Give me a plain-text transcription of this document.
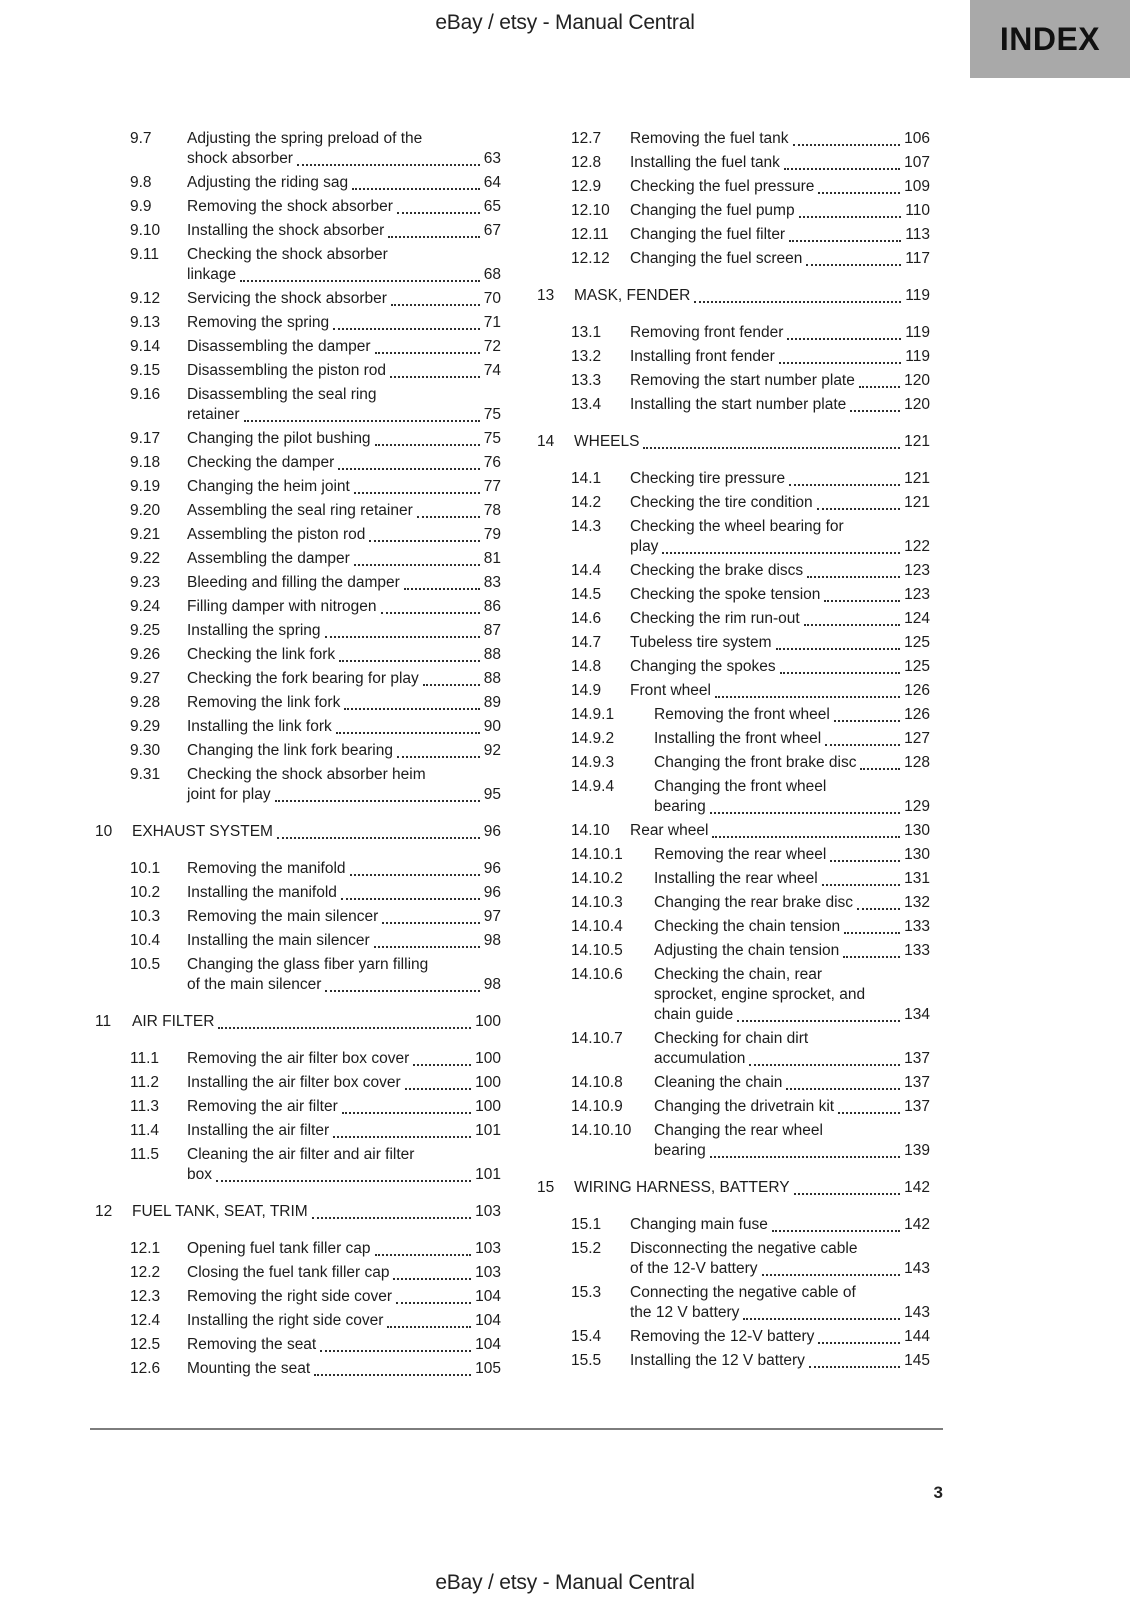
eBay / etsy - Manual Central	INDEX
9.7	Adjusting the spring preload of the
shock absorber	63
9.8	Adjusting the riding sag	64
9.9	Removing the shock absorber	65
9.10	Installing the shock absorber	67
9.11	Checking the shock absorber
linkage	68
9.12	Servicing the shock absorber	70
9.13	Removing the spring	71
9.14	Disassembling the damper	72
9.15	Disassembling the piston rod	74
9.16	Disassembling the seal ring
retainer	75
9.17	Changing the pilot bushing	75
9.18	Checking the damper	76
9.19	Changing the heim joint	77
9.20	Assembling the seal ring retainer	78
9.21	Assembling the piston rod	79
9.22	Assembling the damper	81
9.23	Bleeding and filling the damper	83
9.24	Filling damper with nitrogen	86
9.25	Installing the spring	87
9.26	Checking the link fork	88
9.27	Checking the fork bearing for play	88
9.28	Removing the link fork	89
9.29	Installing the link fork	90
9.30	Changing the link fork bearing	92
9.31	Checking the shock absorber heim
joint for play	95
10	EXHAUST SYSTEM	96
10.1	Removing the manifold	96
10.2	Installing the manifold	96
10.3	Removing the main silencer	97
10.4	Installing the main silencer	98
10.5	Changing the glass fiber yarn filling
of the main silencer	98
11	AIR FILTER	100
11.1	Removing the air filter box cover	100
11.2	Installing the air filter box cover	100
11.3	Removing the air filter	100
11.4	Installing the air filter	101
11.5	Cleaning the air filter and air filter
box	101
12	FUEL TANK, SEAT, TRIM	103
12.1	Opening fuel tank filler cap	103
12.2	Closing the fuel tank filler cap	103
12.3	Removing the right side cover	104
12.4	Installing the right side cover	104
12.5	Removing the seat	104
12.6	Mounting the seat	105
12.7	Removing the fuel tank	106
12.8	Installing the fuel tank	107
12.9	Checking the fuel pressure	109
12.10	Changing the fuel pump	110
12.11	Changing the fuel filter	113
12.12	Changing the fuel screen	117
13	MASK, FENDER	119
13.1	Removing front fender	119
13.2	Installing front fender	119
13.3	Removing the start number plate	120
13.4	Installing the start number plate	120
14	WHEELS	121
14.1	Checking tire pressure	121
14.2	Checking the tire condition	121
14.3	Checking the wheel bearing for
play	122
14.4	Checking the brake discs	123
14.5	Checking the spoke tension	123
14.6	Checking the rim run-out	124
14.7	Tubeless tire system	125
14.8	Changing the spokes	125
14.9	Front wheel	126
14.9.1	Removing the front wheel	126
14.9.2	Installing the front wheel	127
14.9.3	Changing the front brake disc	128
14.9.4	Changing the front wheel
bearing	129
14.10	Rear wheel	130
14.10.1	Removing the rear wheel	130
14.10.2	Installing the rear wheel	131
14.10.3	Changing the rear brake disc	132
14.10.4	Checking the chain tension	133
14.10.5	Adjusting the chain tension	133
14.10.6	Checking the chain, rear
sprocket, engine sprocket, and
chain guide	134
14.10.7	Checking for chain dirt
accumulation	137
14.10.8	Cleaning the chain	137
14.10.9	Changing the drivetrain kit	137
14.10.10	Changing the rear wheel
bearing	139
15	WIRING HARNESS, BATTERY	142
15.1	Changing main fuse	142
15.2	Disconnecting the negative cable
of the 12-V battery	143
15.3	Connecting the negative cable of
the 12 V battery	143
15.4	Removing the 12-V battery	144
15.5	Installing the 12 V battery	145
3
eBay / etsy - Manual Central
